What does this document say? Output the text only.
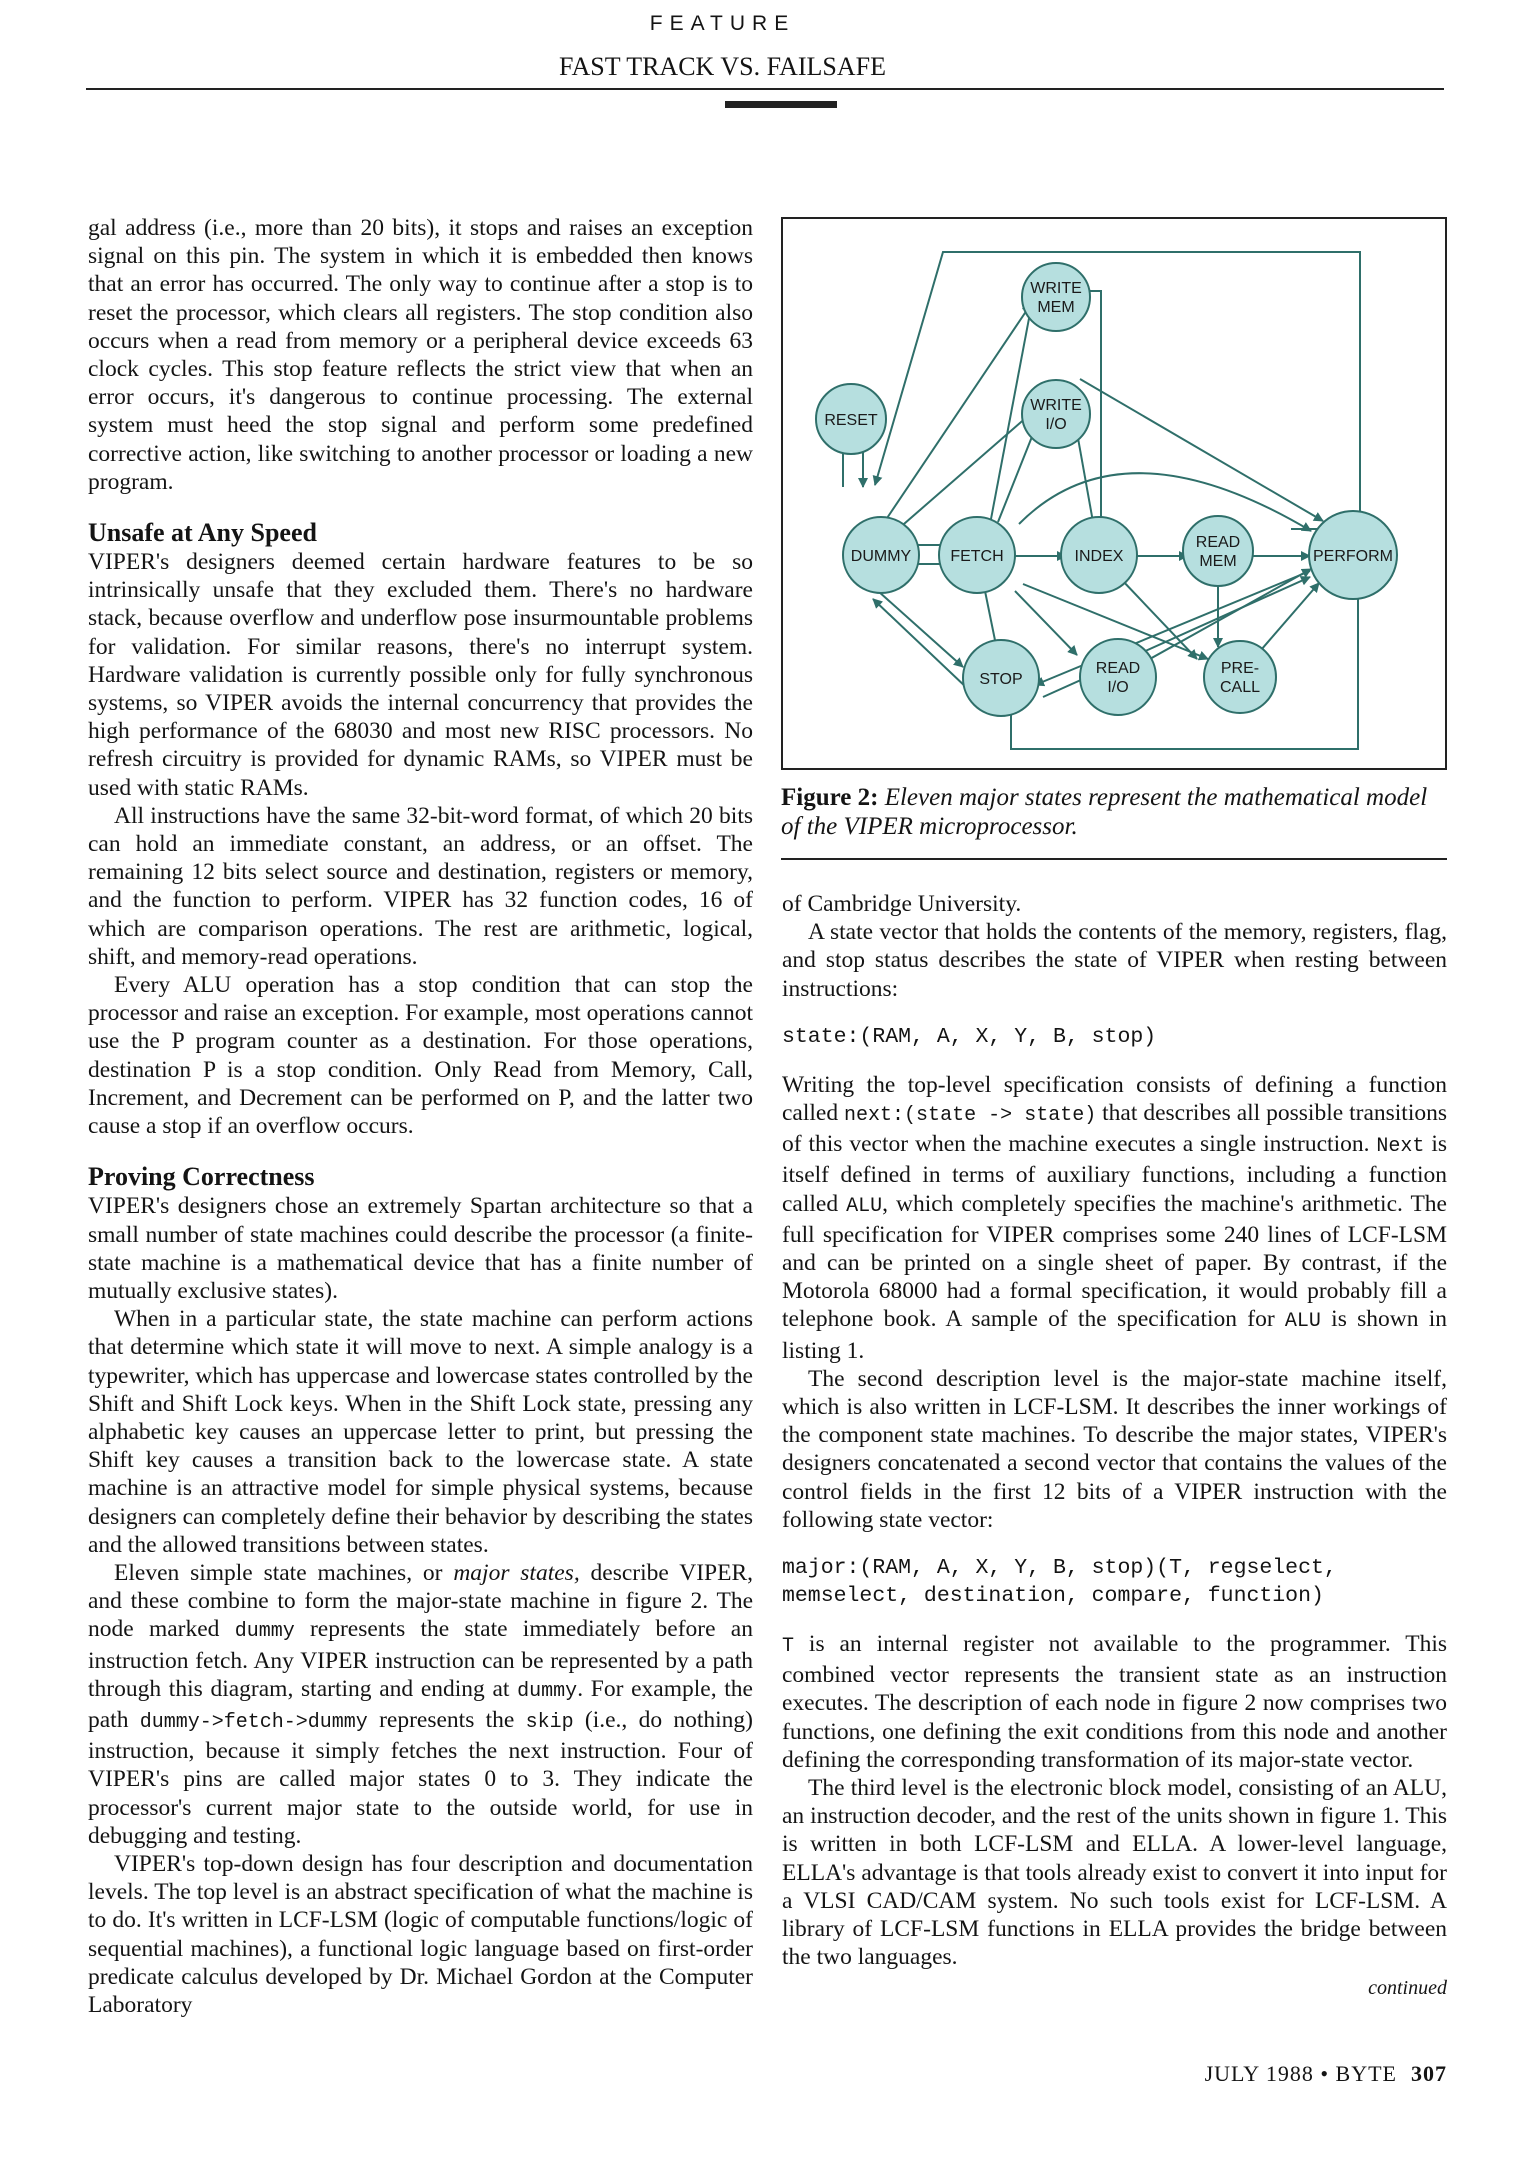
FEATURE
FAST TRACK VS. FAILSAFE

gal address (i.e., more than 20 bits), it stops and raises an exception signal on this pin. The system in which it is embedded then knows that an error has occurred. The only way to continue after a stop is to reset the processor, which clears all registers. The stop condition also occurs when a read from memory or a peripheral device exceeds 63 clock cycles. This stop feature reflects the strict view that when an error occurs, it's dangerous to continue processing. The external system must heed the stop signal and perform some predefined corrective action, like switching to another processor or loading a new program.

Unsafe at Any Speed

VIPER's designers deemed certain hardware features to be so intrinsically unsafe that they excluded them. There's no hardware stack, because overflow and underflow pose insurmountable problems for validation. For similar reasons, there's no interrupt system. Hardware validation is currently possible only for fully synchronous systems, so VIPER avoids the internal concurrency that provides the high performance of the 68030 and most new RISC processors. No refresh circuitry is provided for dynamic RAMs, so VIPER must be used with static RAMs.

All instructions have the same 32-bit-word format, of which 20 bits can hold an immediate constant, an address, or an offset. The remaining 12 bits select source and destination, registers or memory, and the function to perform. VIPER has 32 function codes, 16 of which are comparison operations. The rest are arithmetic, logical, shift, and memory-read operations.

Every ALU operation has a stop condition that can stop the processor and raise an exception. For example, most operations cannot use the P program counter as a destination. For those operations, destination P is a stop condition. Only Read from Memory, Call, Increment, and Decrement can be performed on P, and the latter two cause a stop if an overflow occurs.

Proving Correctness

VIPER's designers chose an extremely Spartan architecture so that a small number of state machines could describe the processor (a finite-state machine is a mathematical device that has a finite number of mutually exclusive states).

When in a particular state, the state machine can perform actions that determine which state it will move to next. A simple analogy is a typewriter, which has uppercase and lowercase states controlled by the Shift and Shift Lock keys. When in the Shift Lock state, pressing any alphabetic key causes an uppercase letter to print, but pressing the Shift key causes a transition back to the lowercase state. A state machine is an attractive model for simple physical systems, because designers can completely define their behavior by describing the states and the allowed transitions between states.

Eleven simple state machines, or major states, describe VIPER, and these combine to form the major-state machine in figure 2. The node marked dummy represents the state immediately before an instruction fetch. Any VIPER instruction can be represented by a path through this diagram, starting and ending at dummy. For example, the path dummy->fetch->dummy represents the skip (i.e., do nothing) instruction, because it simply fetches the next instruction. Four of VIPER's pins are called major states 0 to 3. They indicate the processor's current major state to the outside world, for use in debugging and testing.

VIPER's top-down design has four description and documentation levels. The top level is an abstract specification of what the machine is to do. It's written in LCF-LSM (logic of computable functions/logic of sequential machines), a functional logic language based on first-order predicate calculus developed by Dr. Michael Gordon at the Computer Laboratory

WRITE
MEM
WRITE
I/O
RESET
DUMMY FETCH	INDEX
READ
MEM	PERFORM
STOP
READ
I/O
PRE-
CALL
Figure 2: Eleven major states represent the mathematical model of the VIPER microprocessor.

of Cambridge University.

A state vector that holds the contents of the memory, registers, flag, and stop status describes the state of VIPER when resting between instructions:

state:(RAM, A, X, Y, B, stop)

Writing the top-level specification consists of defining a function called next:(state -> state) that describes all possible transitions of this vector when the machine executes a single instruction. Next is itself defined in terms of auxiliary functions, including a function called ALU, which completely specifies the machine's arithmetic. The full specification for VIPER comprises some 240 lines of LCF-LSM and can be printed on a single sheet of paper. By contrast, if the Motorola 68000 had a formal specification, it would probably fill a telephone book. A sample of the specification for ALU is shown in listing 1.

The second description level is the major-state machine itself, which is also written in LCF-LSM. It describes the inner workings of the component state machines. To describe the major states, VIPER's designers concatenated a second vector that contains the values of the control fields in the first 12 bits of a VIPER instruction with the following state vector:

major:(RAM, A, X, Y, B, stop)(T, regselect, memselect, destination, compare, function)

T is an internal register not available to the programmer. This combined vector represents the transient state as an instruction executes. The description of each node in figure 2 now comprises two functions, one defining the exit conditions from this node and another defining the corresponding transformation of its major-state vector.

The third level is the electronic block model, consisting of an ALU, an instruction decoder, and the rest of the units shown in figure 1. This is written in both LCF-LSM and ELLA. A lower-level language, ELLA's advantage is that tools already exist to convert it into input for a VLSI CAD/CAM system. No such tools exist for LCF-LSM. A library of LCF-LSM functions in ELLA provides the bridge between the two languages.

continued
JULY 1988 • BYTE 307
